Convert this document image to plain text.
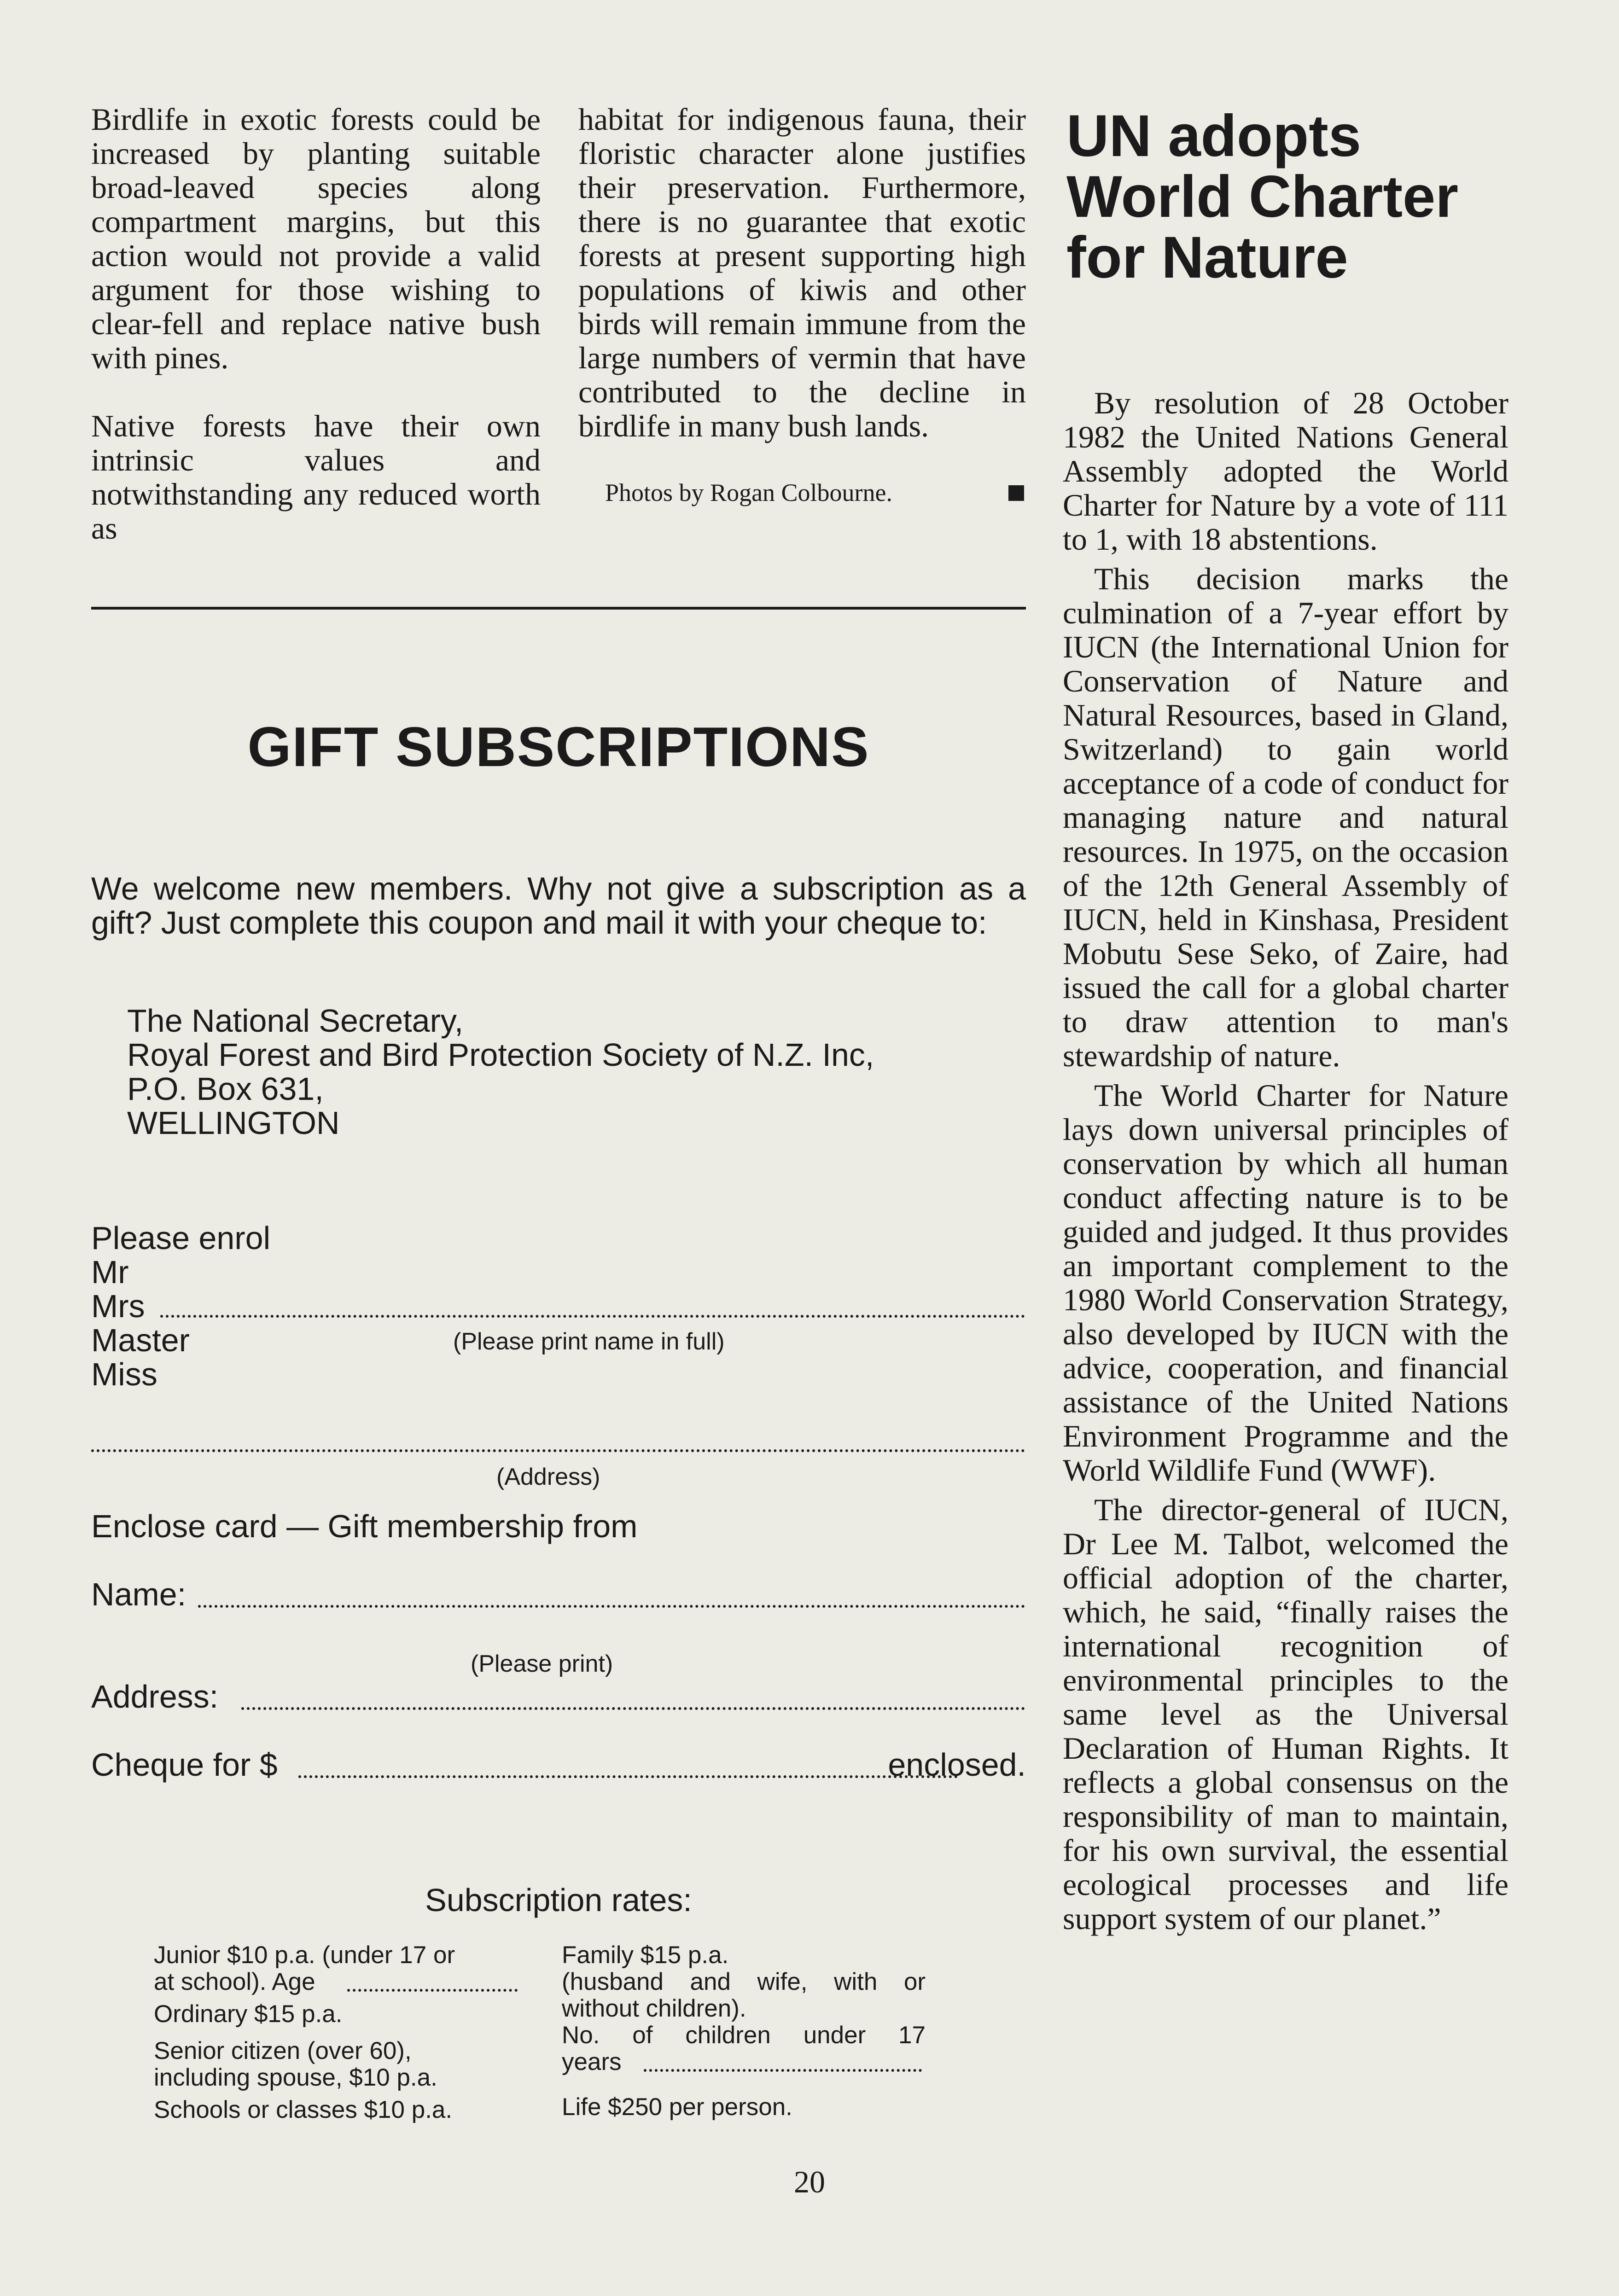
Birdlife in exotic forests could be increased by planting suitable broad-leaved species along compartment margins, but this action would not provide a valid argument for those wishing to clear-fell and replace native bush with pines.

Native forests have their own intrinsic values and notwithstanding any reduced worth as

habitat for indigenous fauna, their floristic character alone justifies their preservation. Furthermore, there is no guarantee that exotic forests at present supporting high populations of kiwis and other birds will remain immune from the large numbers of vermin that have contributed to the decline in birdlife in many bush lands.

Photos by Rogan Colbourne.
GIFT SUBSCRIPTIONS
We welcome new members. Why not give a subscription as a gift? Just complete this coupon and mail it with your cheque to:
The National Secretary,
Royal Forest and Bird Protection Society of N.Z. Inc,
P.O. Box 631,
WELLINGTON
Please enrol
Mr
Mrs
Master	(Please print name in full)
Miss
(Address)
Enclose card — Gift membership from
Name:
(Please print)
Address:
Cheque for $	enclosed.
Subscription rates:
Junior $10 p.a. (under 17 or
at school). Age
Ordinary $15 p.a.
Senior citizen (over 60),
including spouse, $10 p.a.
Schools or classes $10 p.a.
Family $15 p.a.
(husband and wife, with or
without children).
No. of children under 17
years
Life $250 per person.
UN adopts
World Charter
for Nature

By resolution of 28 October 1982 the United Nations General Assembly adopted the World Charter for Nature by a vote of 111 to 1, with 18 abstentions.

This decision marks the culmination of a 7-year effort by IUCN (the International Union for Conservation of Nature and Natural Resources, based in Gland, Switzerland) to gain world acceptance of a code of conduct for managing nature and natural resources. In 1975, on the occasion of the 12th General Assembly of IUCN, held in Kinshasa, President Mobutu Sese Seko, of Zaire, had issued the call for a global charter to draw attention to man's stewardship of nature.

The World Charter for Nature lays down universal principles of conservation by which all human conduct affecting nature is to be guided and judged. It thus provides an important complement to the 1980 World Conservation Strategy, also developed by IUCN with the advice, cooperation, and financial assistance of the United Nations Environment Programme and the World Wildlife Fund (WWF).

The director-general of IUCN, Dr Lee M. Talbot, welcomed the official adoption of the charter, which, he said, “finally raises the international recognition of environmental principles to the same level as the Universal Declaration of Human Rights. It reflects a global consensus on the responsibility of man to maintain, for his own survival, the essential ecological processes and life support system of our planet.”

20
